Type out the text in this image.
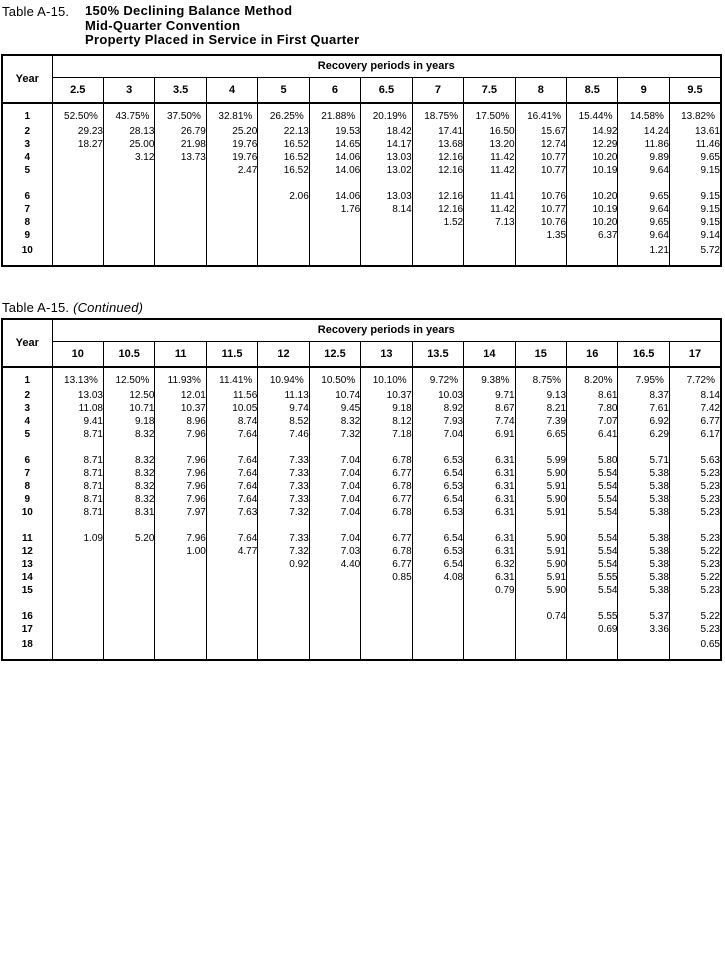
Table A-15.	150% Declining Balance Method
Mid-Quarter Convention
Property Placed in Service in First Quarter
Year	Recovery periods in years												
	2.5	3	3.5	4	5	6	6.5	7	7.5	8	8.5	9	9.5
1	52.50%	43.75%	37.50%	32.81%	26.25%	21.88%	20.19%	18.75%	17.50%	16.41%	15.44%	14.58%	13.82%
2	29.23	28.13	26.79	25.20	22.13	19.53	18.42	17.41	16.50	15.67	14.92	14.24	13.61
3	18.27	25.00	21.98	19.76	16.52	14.65	14.17	13.68	13.20	12.74	12.29	11.86	11.46
4		3.12	13.73	19.76	16.52	14.06	13.03	12.16	11.42	10.77	10.20	9.89	9.65
5				2.47	16.52	14.06	13.02	12.16	11.42	10.77	10.19	9.64	9.15

6					2.06	14.06	13.03	12.16	11.41	10.76	10.20	9.65	9.15
7						1.76	8.14	12.16	11.42	10.77	10.19	9.64	9.15
8								1.52	7.13	10.76	10.20	9.65	9.15
9										1.35	6.37	9.64	9.14
10												1.21	5.72
Table A-15. (Continued)
Year	Recovery periods in years												
	10	10.5	11	11.5	12	12.5	13	13.5	14	15	16	16.5	17
1	13.13%	12.50%	11.93%	11.41%	10.94%	10.50%	10.10%	9.72%	9.38%	8.75%	8.20%	7.95%	7.72%
2	13.03	12.50	12.01	11.56	11.13	10.74	10.37	10.03	9.71	9.13	8.61	8.37	8.14
3	11.08	10.71	10.37	10.05	9.74	9.45	9.18	8.92	8.67	8.21	7.80	7.61	7.42
4	9.41	9.18	8.96	8.74	8.52	8.32	8.12	7.93	7.74	7.39	7.07	6.92	6.77
5	8.71	8.32	7.96	7.64	7.46	7.32	7.18	7.04	6.91	6.65	6.41	6.29	6.17

6	8.71	8.32	7.96	7.64	7.33	7.04	6.78	6.53	6.31	5.99	5.80	5.71	5.63
7	8.71	8.32	7.96	7.64	7.33	7.04	6.77	6.54	6.31	5.90	5.54	5.38	5.23
8	8.71	8.32	7.96	7.64	7.33	7.04	6.78	6.53	6.31	5.91	5.54	5.38	5.23
9	8.71	8.32	7.96	7.64	7.33	7.04	6.77	6.54	6.31	5.90	5.54	5.38	5.23
10	8.71	8.31	7.97	7.63	7.32	7.04	6.78	6.53	6.31	5.91	5.54	5.38	5.23

11	1.09	5.20	7.96	7.64	7.33	7.04	6.77	6.54	6.31	5.90	5.54	5.38	5.23
12			1.00	4.77	7.32	7.03	6.78	6.53	6.31	5.91	5.54	5.38	5.22
13					0.92	4.40	6.77	6.54	6.32	5.90	5.54	5.38	5.23
14							0.85	4.08	6.31	5.91	5.55	5.38	5.22
15									0.79	5.90	5.54	5.38	5.23

16										0.74	5.55	5.37	5.22
17											0.69	3.36	5.23
18													0.65
